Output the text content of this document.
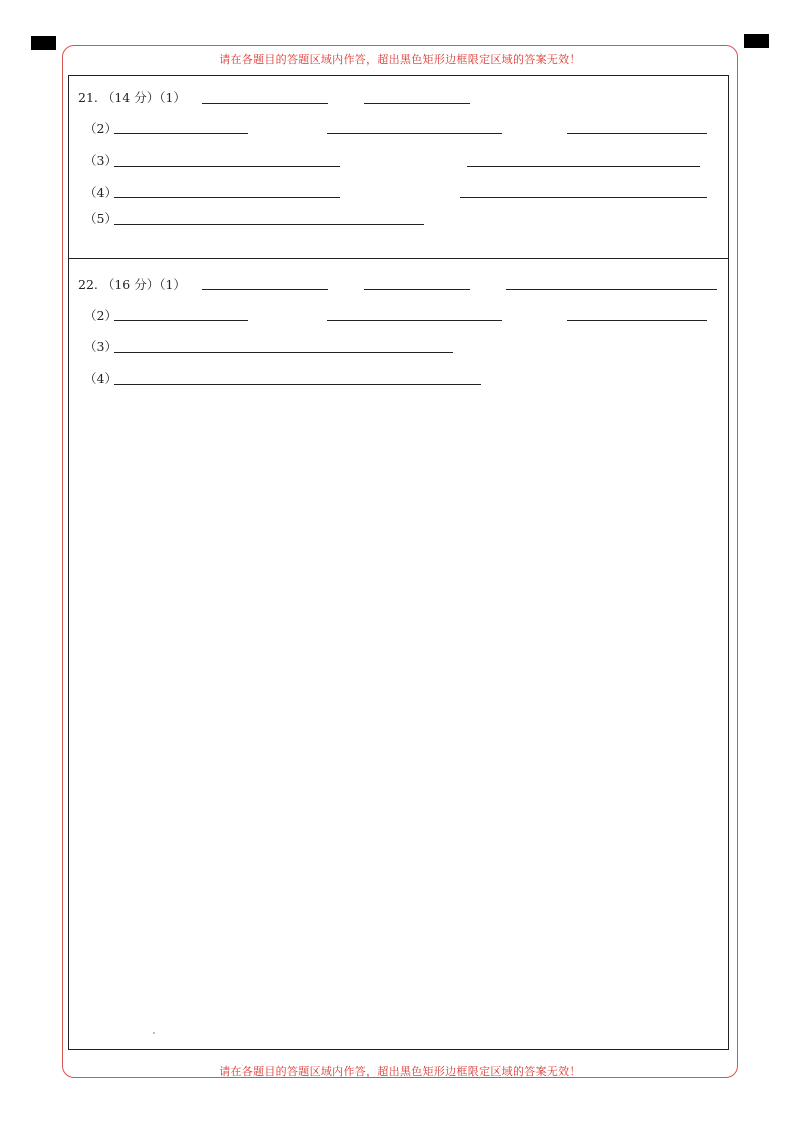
请在各题目的答题区域内作答，超出黑色矩形边框限定区域的答案无效！
请在各题目的答题区域内作答，超出黑色矩形边框限定区域的答案无效！
21. （14 分）（1）
（2）
（3）
（4）
（5）
22. （16 分）（1）
（2）
（3）
（4）
